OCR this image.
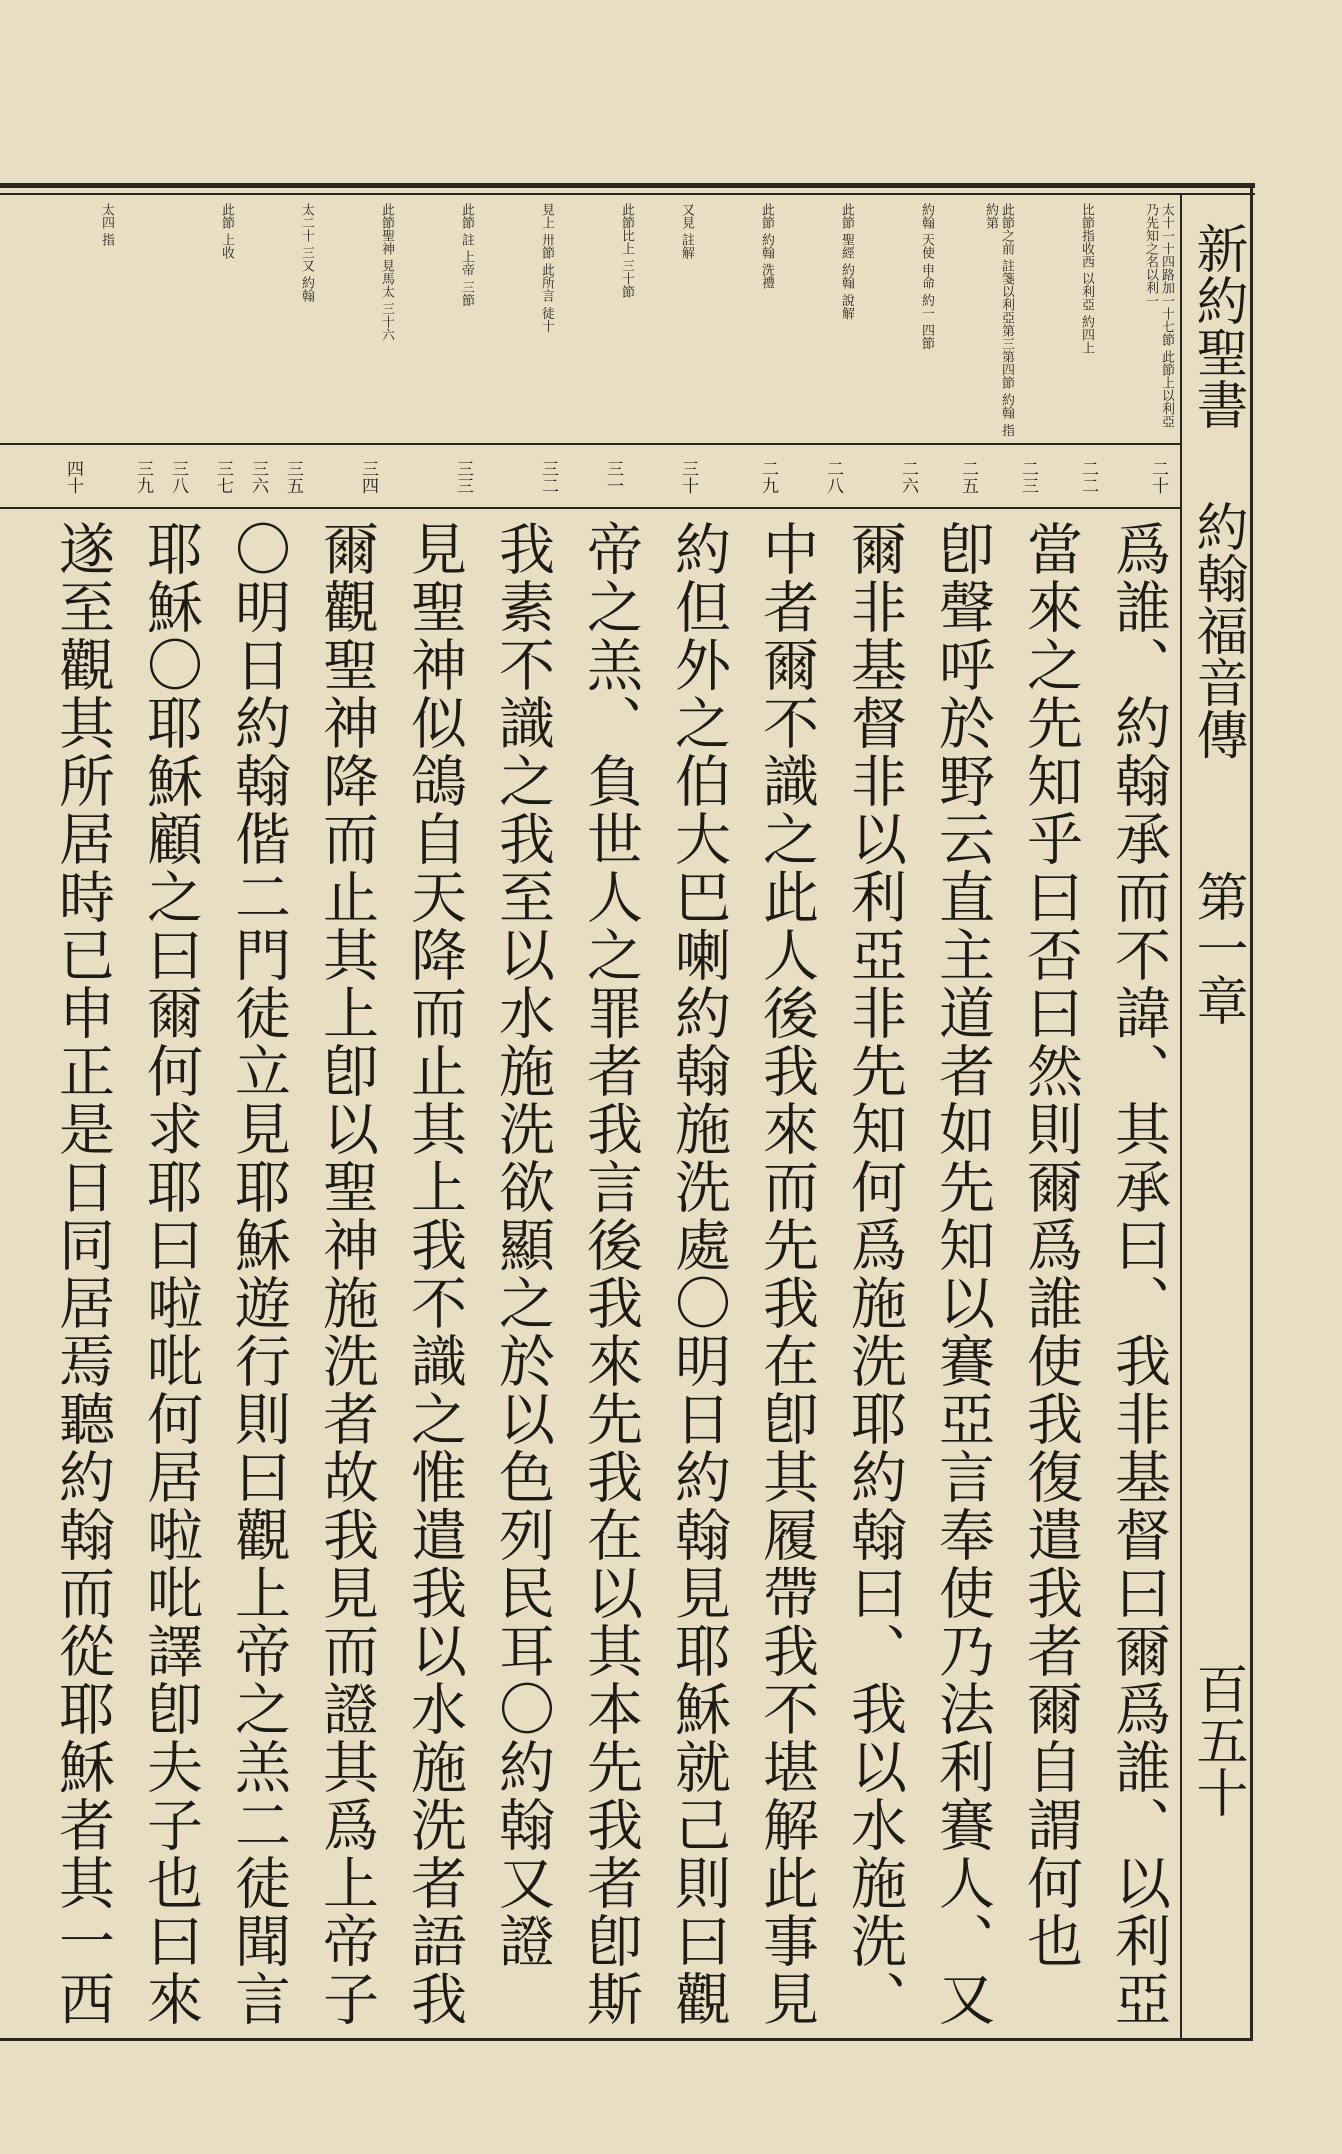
新約聖書約翰福音傳第一章
百五十
太十一十四路加一十七節 此節上以利亞乃先知之名以利一
比節指收西 以利亞 約四上
此節之前 註箋以利亞第三第四節 約翰 指約第
約翰 天使 申命 約一 四節
此節 聖經 約翰 說解
此節 約翰 洗禮
又見 註解
此節比上 三十節
見上 卅節 此所言 徒十
此節 註 上帝 三節
此節聖神 見馬太 三十六
太二十 三又 約翰
此節 上收
太四 指
二十
二二
二三
二五
二六
二八
二九
三十
三一
三二
三三
三四
三五
三六
三七
三八
三九
四十
爲誰、約翰承而不諱、其承曰、我非基督曰爾爲誰、以利亞
當來之先知乎曰否曰然則爾爲誰使我復遣我者爾自謂何也
卽聲呼於野云直主道者如先知以賽亞言奉使乃法利賽人、又
爾非基督非以利亞非先知何爲施洗耶約翰曰、我以水施洗、
中者爾不識之此人後我來而先我在卽其履帶我不堪解此事見
約但外之伯大巴喇約翰施洗處〇明日約翰見耶穌就己則曰觀
帝之羔、負世人之罪者我言後我來先我在以其本先我者卽斯
我素不識之我至以水施洗欲顯之於以色列民耳〇約翰又證
見聖神似鴿自天降而止其上我不識之惟遣我以水施洗者語我
爾觀聖神降而止其上卽以聖神施洗者故我見而證其爲上帝子
〇明日約翰偕二門徒立見耶穌遊行則曰觀上帝之羔二徒聞言
耶穌〇耶穌顧之曰爾何求耶曰啦吡何居啦吡譯卽夫子也曰來
遂至觀其所居時已申正是日同居焉聽約翰而從耶穌者其一西
